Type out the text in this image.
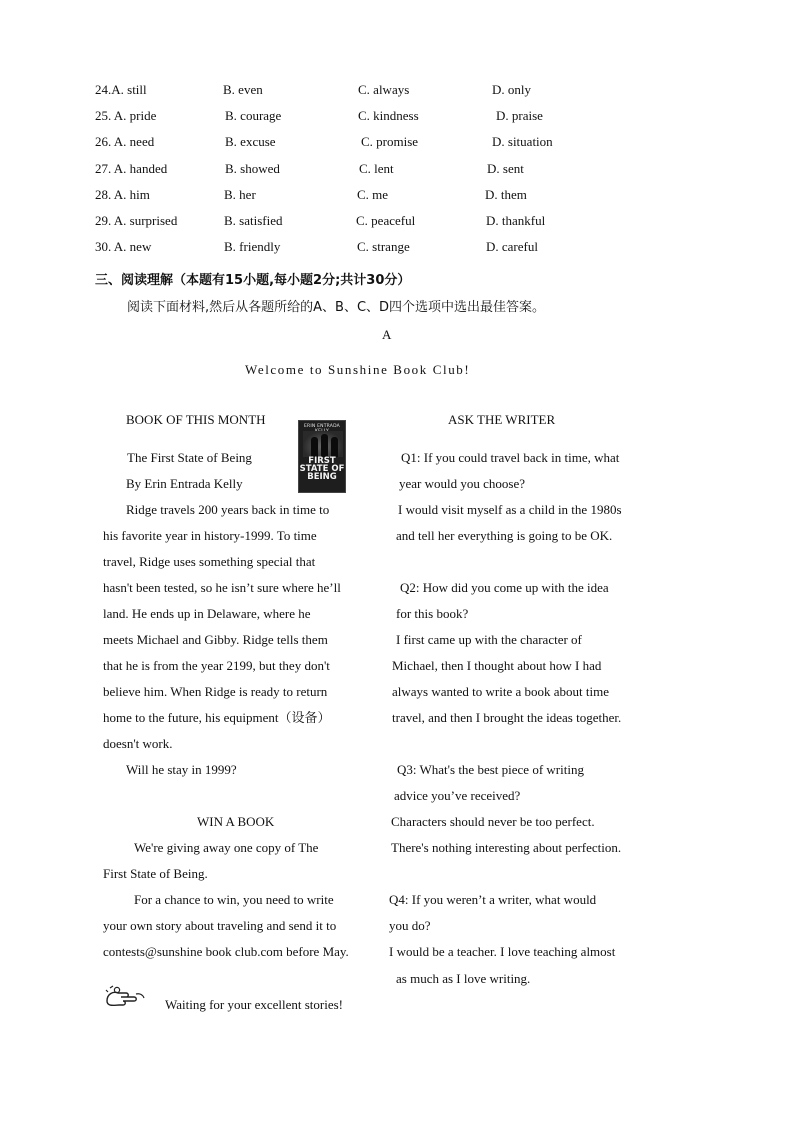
24.A. still	B. even	C. always	D. only
25. A. pride	B. courage	C. kindness	D. praise
26. A. need	B. excuse	C. promise	D. situation
27. A. handed	B. showed	C. lent	D. sent
28. A. him	B. her	C. me	D. them
29. A. surprised	B. satisfied	C. peaceful	D. thankful
30. A. new	B. friendly	C. strange	D. careful
三、阅读理解（本题有15小题,每小题2分;共计30分）
阅读下面材料,然后从各题所给的A、B、C、D四个选项中选出最佳答案。
A
Welcome to Sunshine Book Club!
BOOK OF THIS MONTH
The First State of Being
By Erin Entrada Kelly
ERIN ENTRADA
FIRST STATE OF BEING
Ridge travels 200 years back in time to
his favorite year in history-1999. To time
travel, Ridge uses something special that
hasn't been tested, so he isn’t sure where he’ll
land. He ends up in Delaware, where he
meets Michael and Gibby. Ridge tells them
that he is from the year 2199, but they don't
believe him. When Ridge is ready to return
home to the future, his equipment（设备）
doesn't work.
Will he stay in 1999?
WIN A BOOK
We're giving away one copy of The
First State of Being.
For a chance to win, you need to write
your own story about traveling and send it to
contests@sunshine book club.com before May.
Waiting for your excellent stories!
ASK THE WRITER
Q1: If you could travel back in time, what
year would you choose?
I would visit myself as a child in the 1980s
and tell her everything is going to be OK.
Q2: How did you come up with the idea
for this book?
I first came up with the character of
Michael, then I thought about how I had
always wanted to write a book about time
travel, and then I brought the ideas together.
Q3: What's the best piece of writing
advice you’ve received?
Characters should never be too perfect.
There's nothing interesting about perfection.
Q4: If you weren’t a writer, what would
you do?
I would be a teacher. I love teaching almost
as much as I love writing.
